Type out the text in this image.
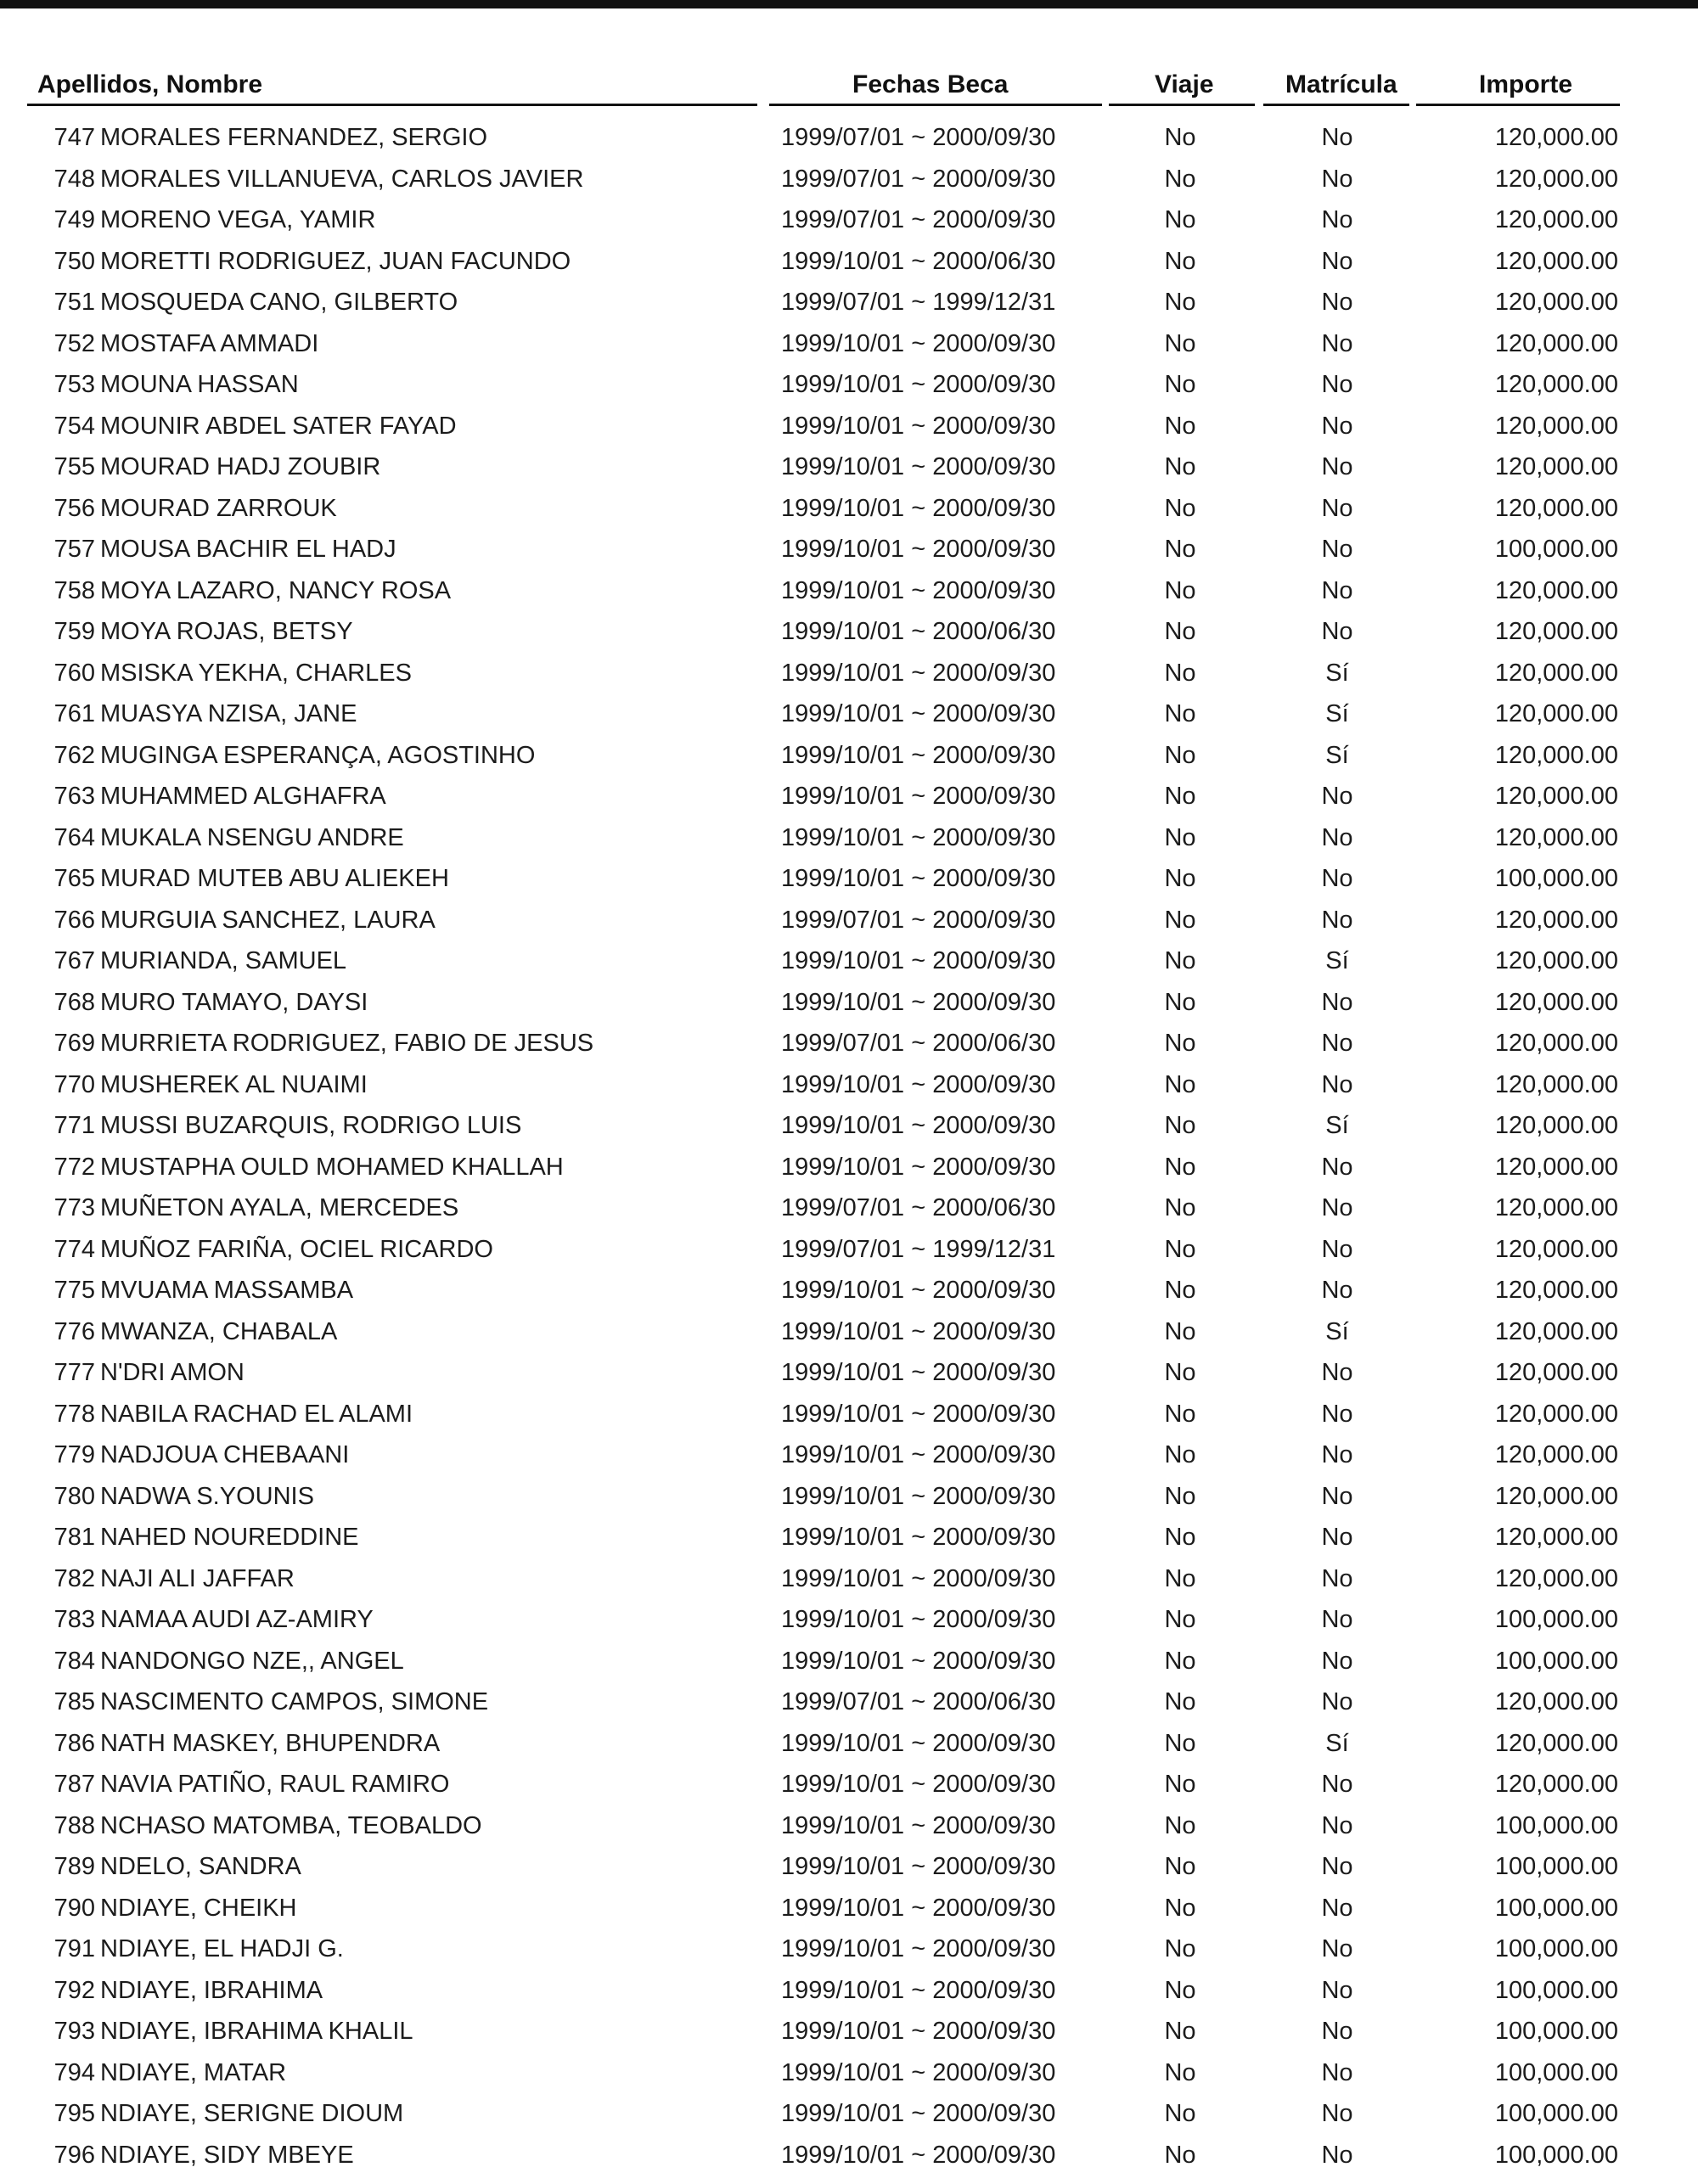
Apellidos, Nombre	Fechas Beca	Viaje	Matrícula	Importe
747 MORALES FERNANDEZ, SERGIO	1999/07/01 ~ 2000/09/30	No	No	120,000.00
748 MORALES VILLANUEVA, CARLOS JAVIER	1999/07/01 ~ 2000/09/30	No	No	120,000.00
749 MORENO VEGA, YAMIR	1999/07/01 ~ 2000/09/30	No	No	120,000.00
750 MORETTI RODRIGUEZ, JUAN FACUNDO	1999/10/01 ~ 2000/06/30	No	No	120,000.00
751 MOSQUEDA CANO, GILBERTO	1999/07/01 ~ 1999/12/31	No	No	120,000.00
752 MOSTAFA AMMADI	1999/10/01 ~ 2000/09/30	No	No	120,000.00
753 MOUNA HASSAN	1999/10/01 ~ 2000/09/30	No	No	120,000.00
754 MOUNIR ABDEL SATER FAYAD	1999/10/01 ~ 2000/09/30	No	No	120,000.00
755 MOURAD HADJ ZOUBIR	1999/10/01 ~ 2000/09/30	No	No	120,000.00
756 MOURAD ZARROUK	1999/10/01 ~ 2000/09/30	No	No	120,000.00
757 MOUSA BACHIR EL HADJ	1999/10/01 ~ 2000/09/30	No	No	100,000.00
758 MOYA LAZARO, NANCY ROSA	1999/10/01 ~ 2000/09/30	No	No	120,000.00
759 MOYA ROJAS, BETSY	1999/10/01 ~ 2000/06/30	No	No	120,000.00
760 MSISKA YEKHA, CHARLES	1999/10/01 ~ 2000/09/30	No	Sí	120,000.00
761 MUASYA NZISA, JANE	1999/10/01 ~ 2000/09/30	No	Sí	120,000.00
762 MUGINGA ESPERANÇA, AGOSTINHO	1999/10/01 ~ 2000/09/30	No	Sí	120,000.00
763 MUHAMMED ALGHAFRA	1999/10/01 ~ 2000/09/30	No	No	120,000.00
764 MUKALA NSENGU ANDRE	1999/10/01 ~ 2000/09/30	No	No	120,000.00
765 MURAD MUTEB ABU ALIEKEH	1999/10/01 ~ 2000/09/30	No	No	100,000.00
766 MURGUIA SANCHEZ, LAURA	1999/07/01 ~ 2000/09/30	No	No	120,000.00
767 MURIANDA, SAMUEL	1999/10/01 ~ 2000/09/30	No	Sí	120,000.00
768 MURO TAMAYO, DAYSI	1999/10/01 ~ 2000/09/30	No	No	120,000.00
769 MURRIETA RODRIGUEZ, FABIO DE JESUS	1999/07/01 ~ 2000/06/30	No	No	120,000.00
770 MUSHEREK AL NUAIMI	1999/10/01 ~ 2000/09/30	No	No	120,000.00
771 MUSSI BUZARQUIS, RODRIGO LUIS	1999/10/01 ~ 2000/09/30	No	Sí	120,000.00
772 MUSTAPHA OULD MOHAMED KHALLAH	1999/10/01 ~ 2000/09/30	No	No	120,000.00
773 MUÑETON AYALA, MERCEDES	1999/07/01 ~ 2000/06/30	No	No	120,000.00
774 MUÑOZ FARIÑA, OCIEL RICARDO	1999/07/01 ~ 1999/12/31	No	No	120,000.00
775 MVUAMA MASSAMBA	1999/10/01 ~ 2000/09/30	No	No	120,000.00
776 MWANZA, CHABALA	1999/10/01 ~ 2000/09/30	No	Sí	120,000.00
777 N'DRI AMON	1999/10/01 ~ 2000/09/30	No	No	120,000.00
778 NABILA RACHAD EL ALAMI	1999/10/01 ~ 2000/09/30	No	No	120,000.00
779 NADJOUA CHEBAANI	1999/10/01 ~ 2000/09/30	No	No	120,000.00
780 NADWA S.YOUNIS	1999/10/01 ~ 2000/09/30	No	No	120,000.00
781 NAHED NOUREDDINE	1999/10/01 ~ 2000/09/30	No	No	120,000.00
782 NAJI ALI JAFFAR	1999/10/01 ~ 2000/09/30	No	No	120,000.00
783 NAMAA AUDI AZ-AMIRY	1999/10/01 ~ 2000/09/30	No	No	100,000.00
784 NANDONGO NZE,, ANGEL	1999/10/01 ~ 2000/09/30	No	No	100,000.00
785 NASCIMENTO CAMPOS, SIMONE	1999/07/01 ~ 2000/06/30	No	No	120,000.00
786 NATH MASKEY, BHUPENDRA	1999/10/01 ~ 2000/09/30	No	Sí	120,000.00
787 NAVIA PATIÑO, RAUL RAMIRO	1999/10/01 ~ 2000/09/30	No	No	120,000.00
788 NCHASO MATOMBA, TEOBALDO	1999/10/01 ~ 2000/09/30	No	No	100,000.00
789 NDELO, SANDRA	1999/10/01 ~ 2000/09/30	No	No	100,000.00
790 NDIAYE, CHEIKH	1999/10/01 ~ 2000/09/30	No	No	100,000.00
791 NDIAYE, EL HADJI G.	1999/10/01 ~ 2000/09/30	No	No	100,000.00
792 NDIAYE, IBRAHIMA	1999/10/01 ~ 2000/09/30	No	No	100,000.00
793 NDIAYE, IBRAHIMA KHALIL	1999/10/01 ~ 2000/09/30	No	No	100,000.00
794 NDIAYE, MATAR	1999/10/01 ~ 2000/09/30	No	No	100,000.00
795 NDIAYE, SERIGNE DIOUM	1999/10/01 ~ 2000/09/30	No	No	100,000.00
796 NDIAYE, SIDY MBEYE	1999/10/01 ~ 2000/09/30	No	No	100,000.00
